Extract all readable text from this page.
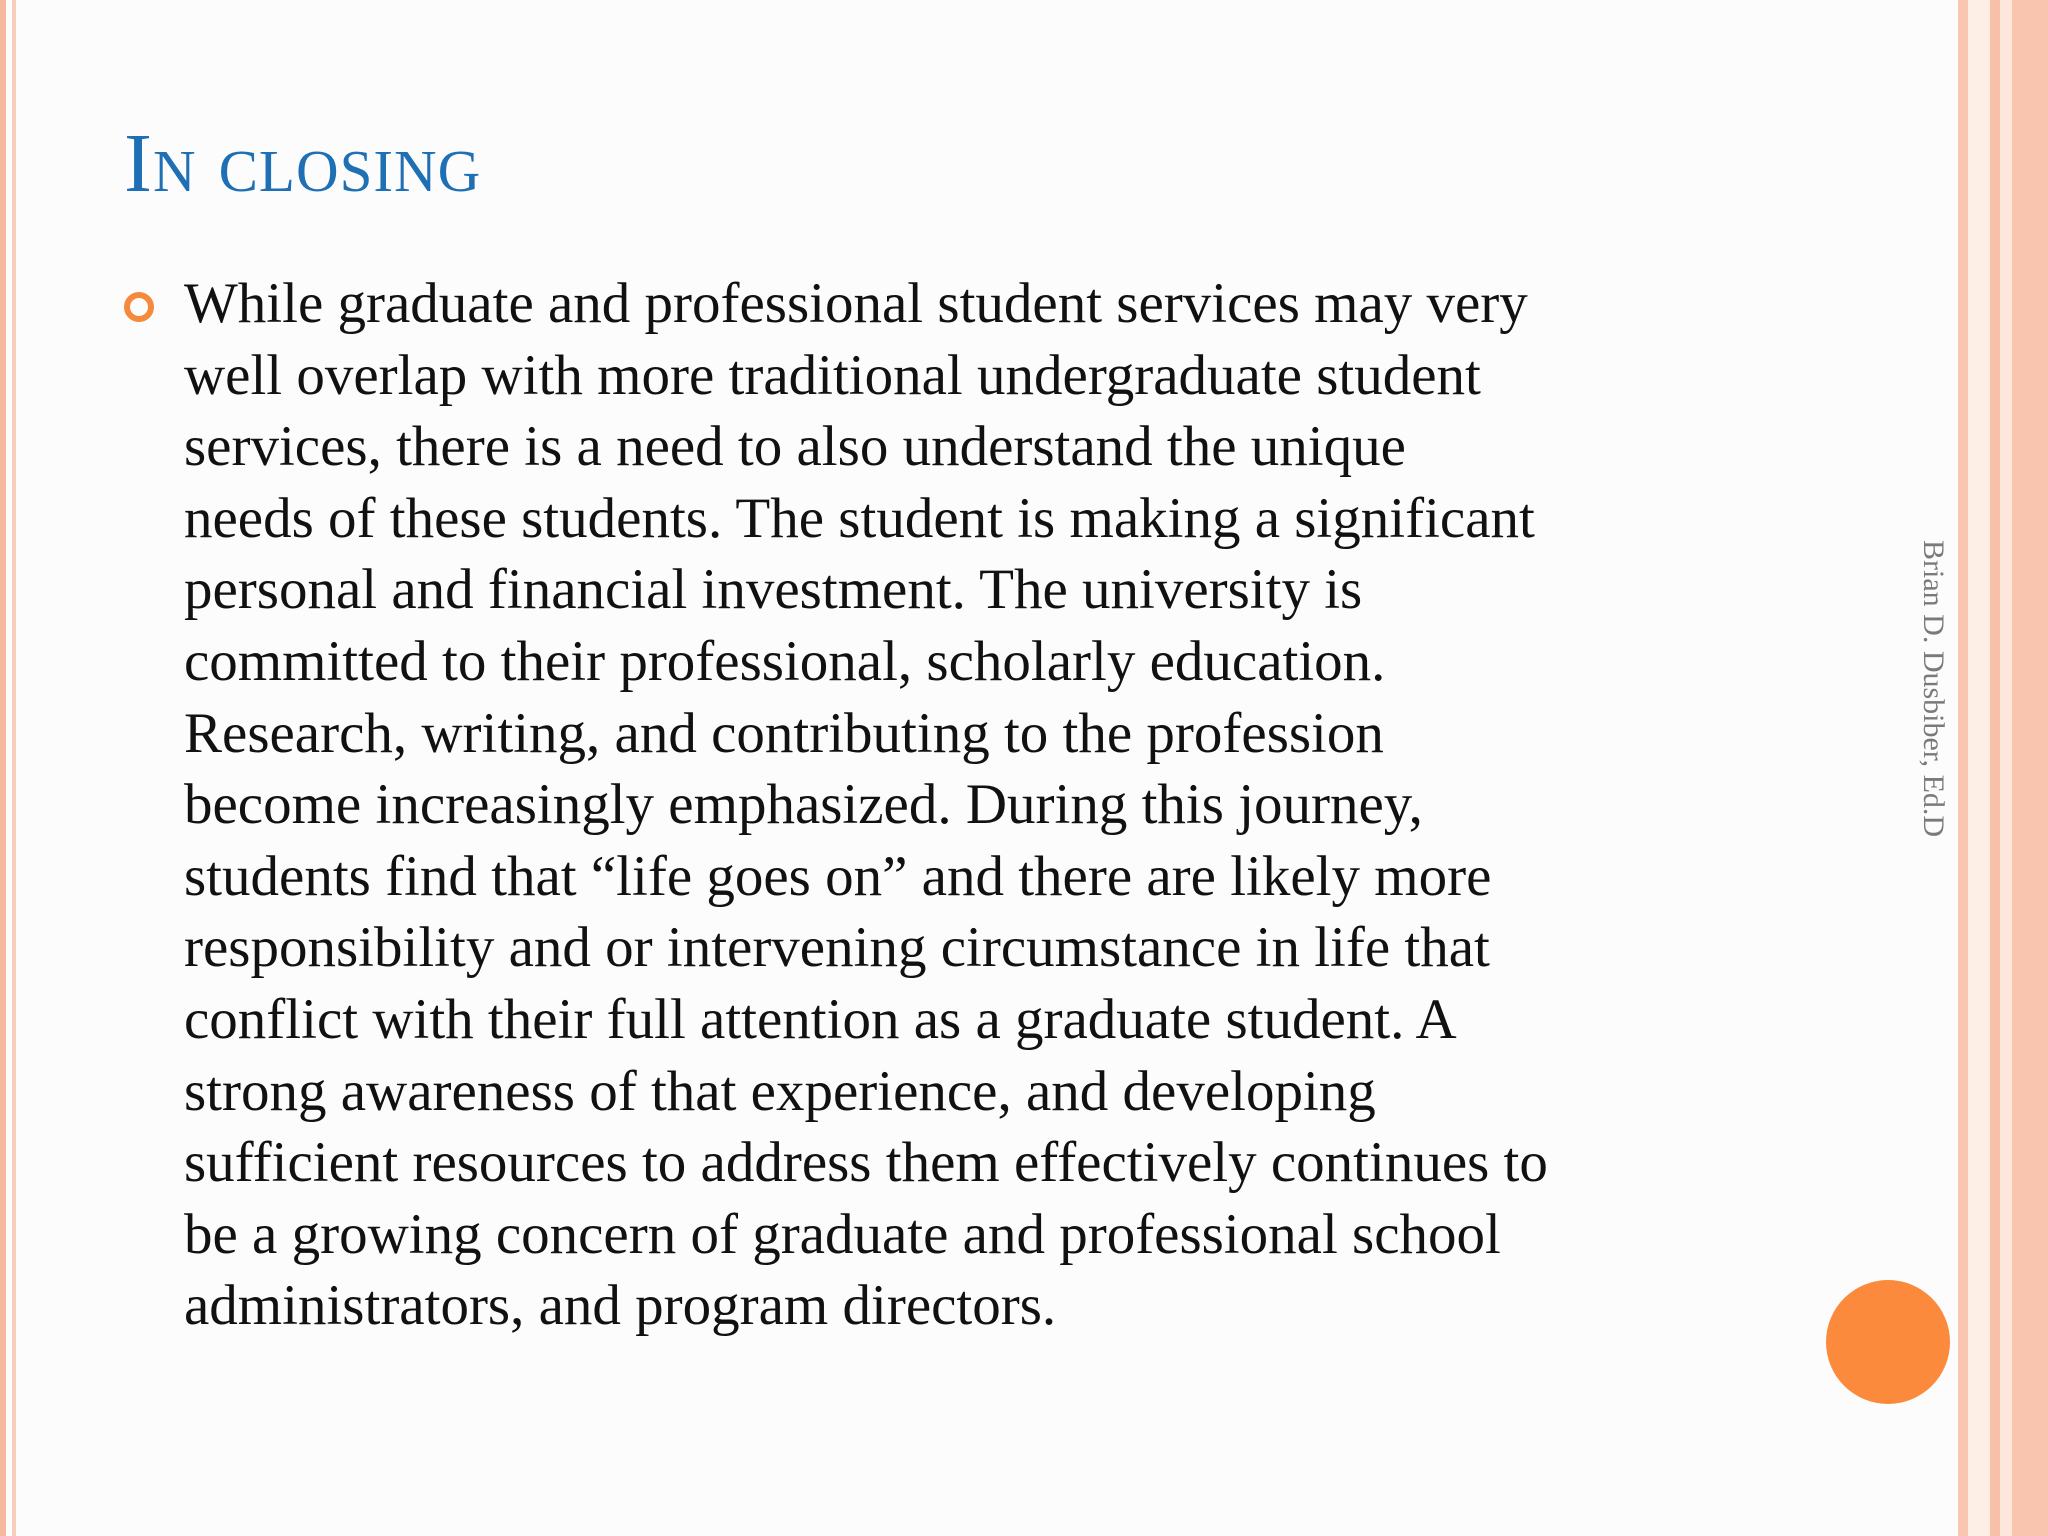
In closing

While graduate and professional student services may very
well overlap with more traditional undergraduate student
services, there is a need to also understand the unique
needs of these students. The student is making a significant
personal and financial investment. The university is
committed to their professional, scholarly education.
Research, writing, and contributing to the profession
become increasingly emphasized. During this journey,
students find that “life goes on” and there are likely more
responsibility and or intervening circumstance in life that
conflict with their full attention as a graduate student. A
strong awareness of that experience, and developing
sufficient resources to address them effectively continues to
be a growing concern of graduate and professional school
administrators, and program directors.

Brian D. Dusbiber, Ed.D
